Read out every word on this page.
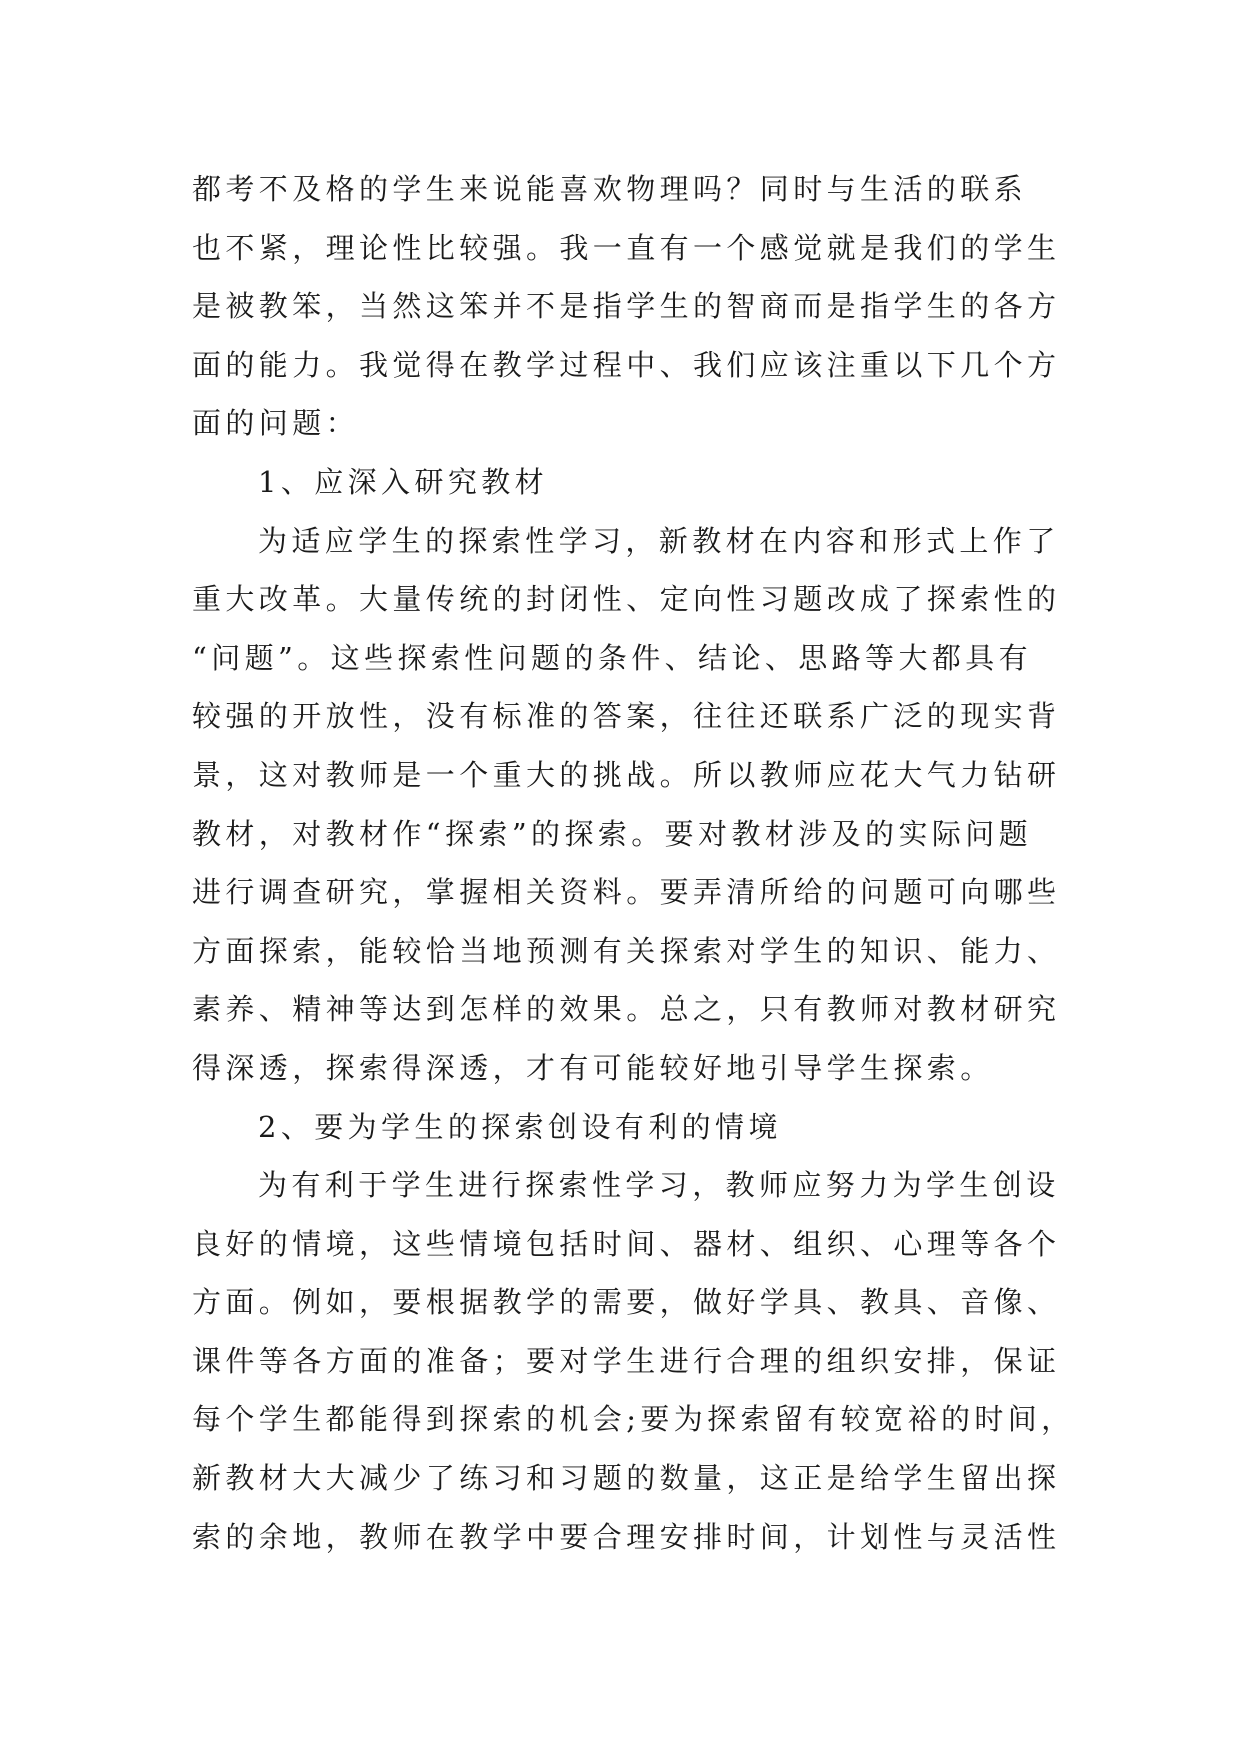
都考不及格的学生来说能喜欢物理吗？同时与生活的联系
也不紧，理论性比较强。我一直有一个感觉就是我们的学生
是被教笨，当然这笨并不是指学生的智商而是指学生的各方
面的能力。我觉得在教学过程中、我们应该注重以下几个方
面的问题：
1、应深入研究教材
为适应学生的探索性学习，新教材在内容和形式上作了
重大改革。大量传统的封闭性、定向性习题改成了探索性的
“问题”。这些探索性问题的条件、结论、思路等大都具有
较强的开放性，没有标准的答案，往往还联系广泛的现实背
景，这对教师是一个重大的挑战。所以教师应花大气力钻研
教材，对教材作“探索”的探索。要对教材涉及的实际问题
进行调查研究，掌握相关资料。要弄清所给的问题可向哪些
方面探索，能较恰当地预测有关探索对学生的知识、能力、
素养、精神等达到怎样的效果。总之，只有教师对教材研究
得深透，探索得深透，才有可能较好地引导学生探索。
2、要为学生的探索创设有利的情境
为有利于学生进行探索性学习，教师应努力为学生创设
良好的情境，这些情境包括时间、器材、组织、心理等各个
方面。例如，要根据教学的需要，做好学具、教具、音像、
课件等各方面的准备；要对学生进行合理的组织安排，保证
每个学生都能得到探索的机会;要为探索留有较宽裕的时间，
新教材大大减少了练习和习题的数量，这正是给学生留出探
索的余地，教师在教学中要合理安排时间，计划性与灵活性
